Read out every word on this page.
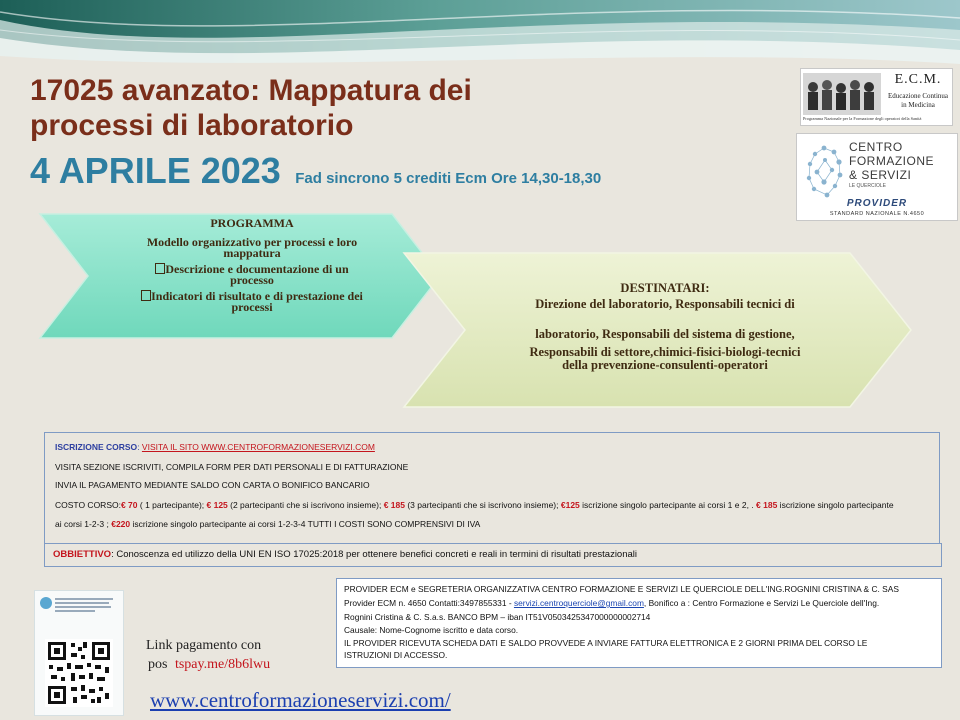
17025 avanzato: Mappatura dei
processi di laboratorio
4 APRILE 2023 Fad sincrono 5 crediti Ecm Ore 14,30-18,30
E.C.M.
Educazione Continua
in Medicina
Programma Nazionale per la Formazione degli operatori della Sanità
CENTRO
FORMAZIONE
& SERVIZI
LE QUERCIOLE
PROVIDER
STANDARD NAZIONALE N.4650
PROGRAMMA
Modello organizzativo per processi e loro
mappatura
Descrizione e documentazione di un
processo
Indicatori di risultato e di prestazione dei
processi
DESTINATARI:
Direzione del laboratorio, Responsabili tecnici di
laboratorio, Responsabili del sistema di gestione,
Responsabili di settore,chimici-fisici-biologi-tecnici
della prevenzione-consulenti-operatori
ISCRIZIONE CORSO: VISITA IL SITO WWW.CENTROFORMAZIONESERVIZI.COM
VISITA SEZIONE ISCRIVITI, COMPILA FORM PER DATI PERSONALI E DI FATTURAZIONE
INVIA IL PAGAMENTO MEDIANTE SALDO CON CARTA O BONIFICO BANCARIO
COSTO CORSO:€ 70 ( 1 partecipante); € 125 (2 partecipanti che si iscrivono insieme); € 185 (3 partecipanti che si iscrivono insieme); €125 iscrizione singolo partecipante ai corsi 1 e 2, . € 185 iscrizione singolo partecipante
ai corsi 1-2-3 ; €220 iscrizione singolo partecipante ai corsi 1-2-3-4 TUTTI I COSTI SONO COMPRENSIVI DI IVA
OBBIETTIVO: Conoscenza ed utilizzo della UNI EN ISO 17025:2018 per ottenere benefici concreti e reali in termini di risultati prestazionali
PROVIDER ECM e SEGRETERIA ORGANIZZATIVA CENTRO FORMAZIONE E SERVIZI LE QUERCIOLE DELL'ING.ROGNINI CRISTINA & C. SAS
Provider ECM n. 4650 Contatti:3497855331 - servizi.centroquerciole@gmail.com, Bonifico a : Centro Formazione e Servizi Le Querciole dell'Ing.
Rognini Cristina & C. S.a.s. BANCO BPM – iban IT51V0503425347000000002714
Causale: Nome-Cognome iscritto e data corso.
IL PROVIDER RICEVUTA SCHEDA DATI E SALDO PROVVEDE A INVIARE FATTURA ELETTRONICA E 2 GIORNI PRIMA DEL CORSO LE
ISTRUZIONI DI ACCESSO.
Link pagamento con
pos tspay.me/8b6lwu
www.centroformazioneservizi.com/
